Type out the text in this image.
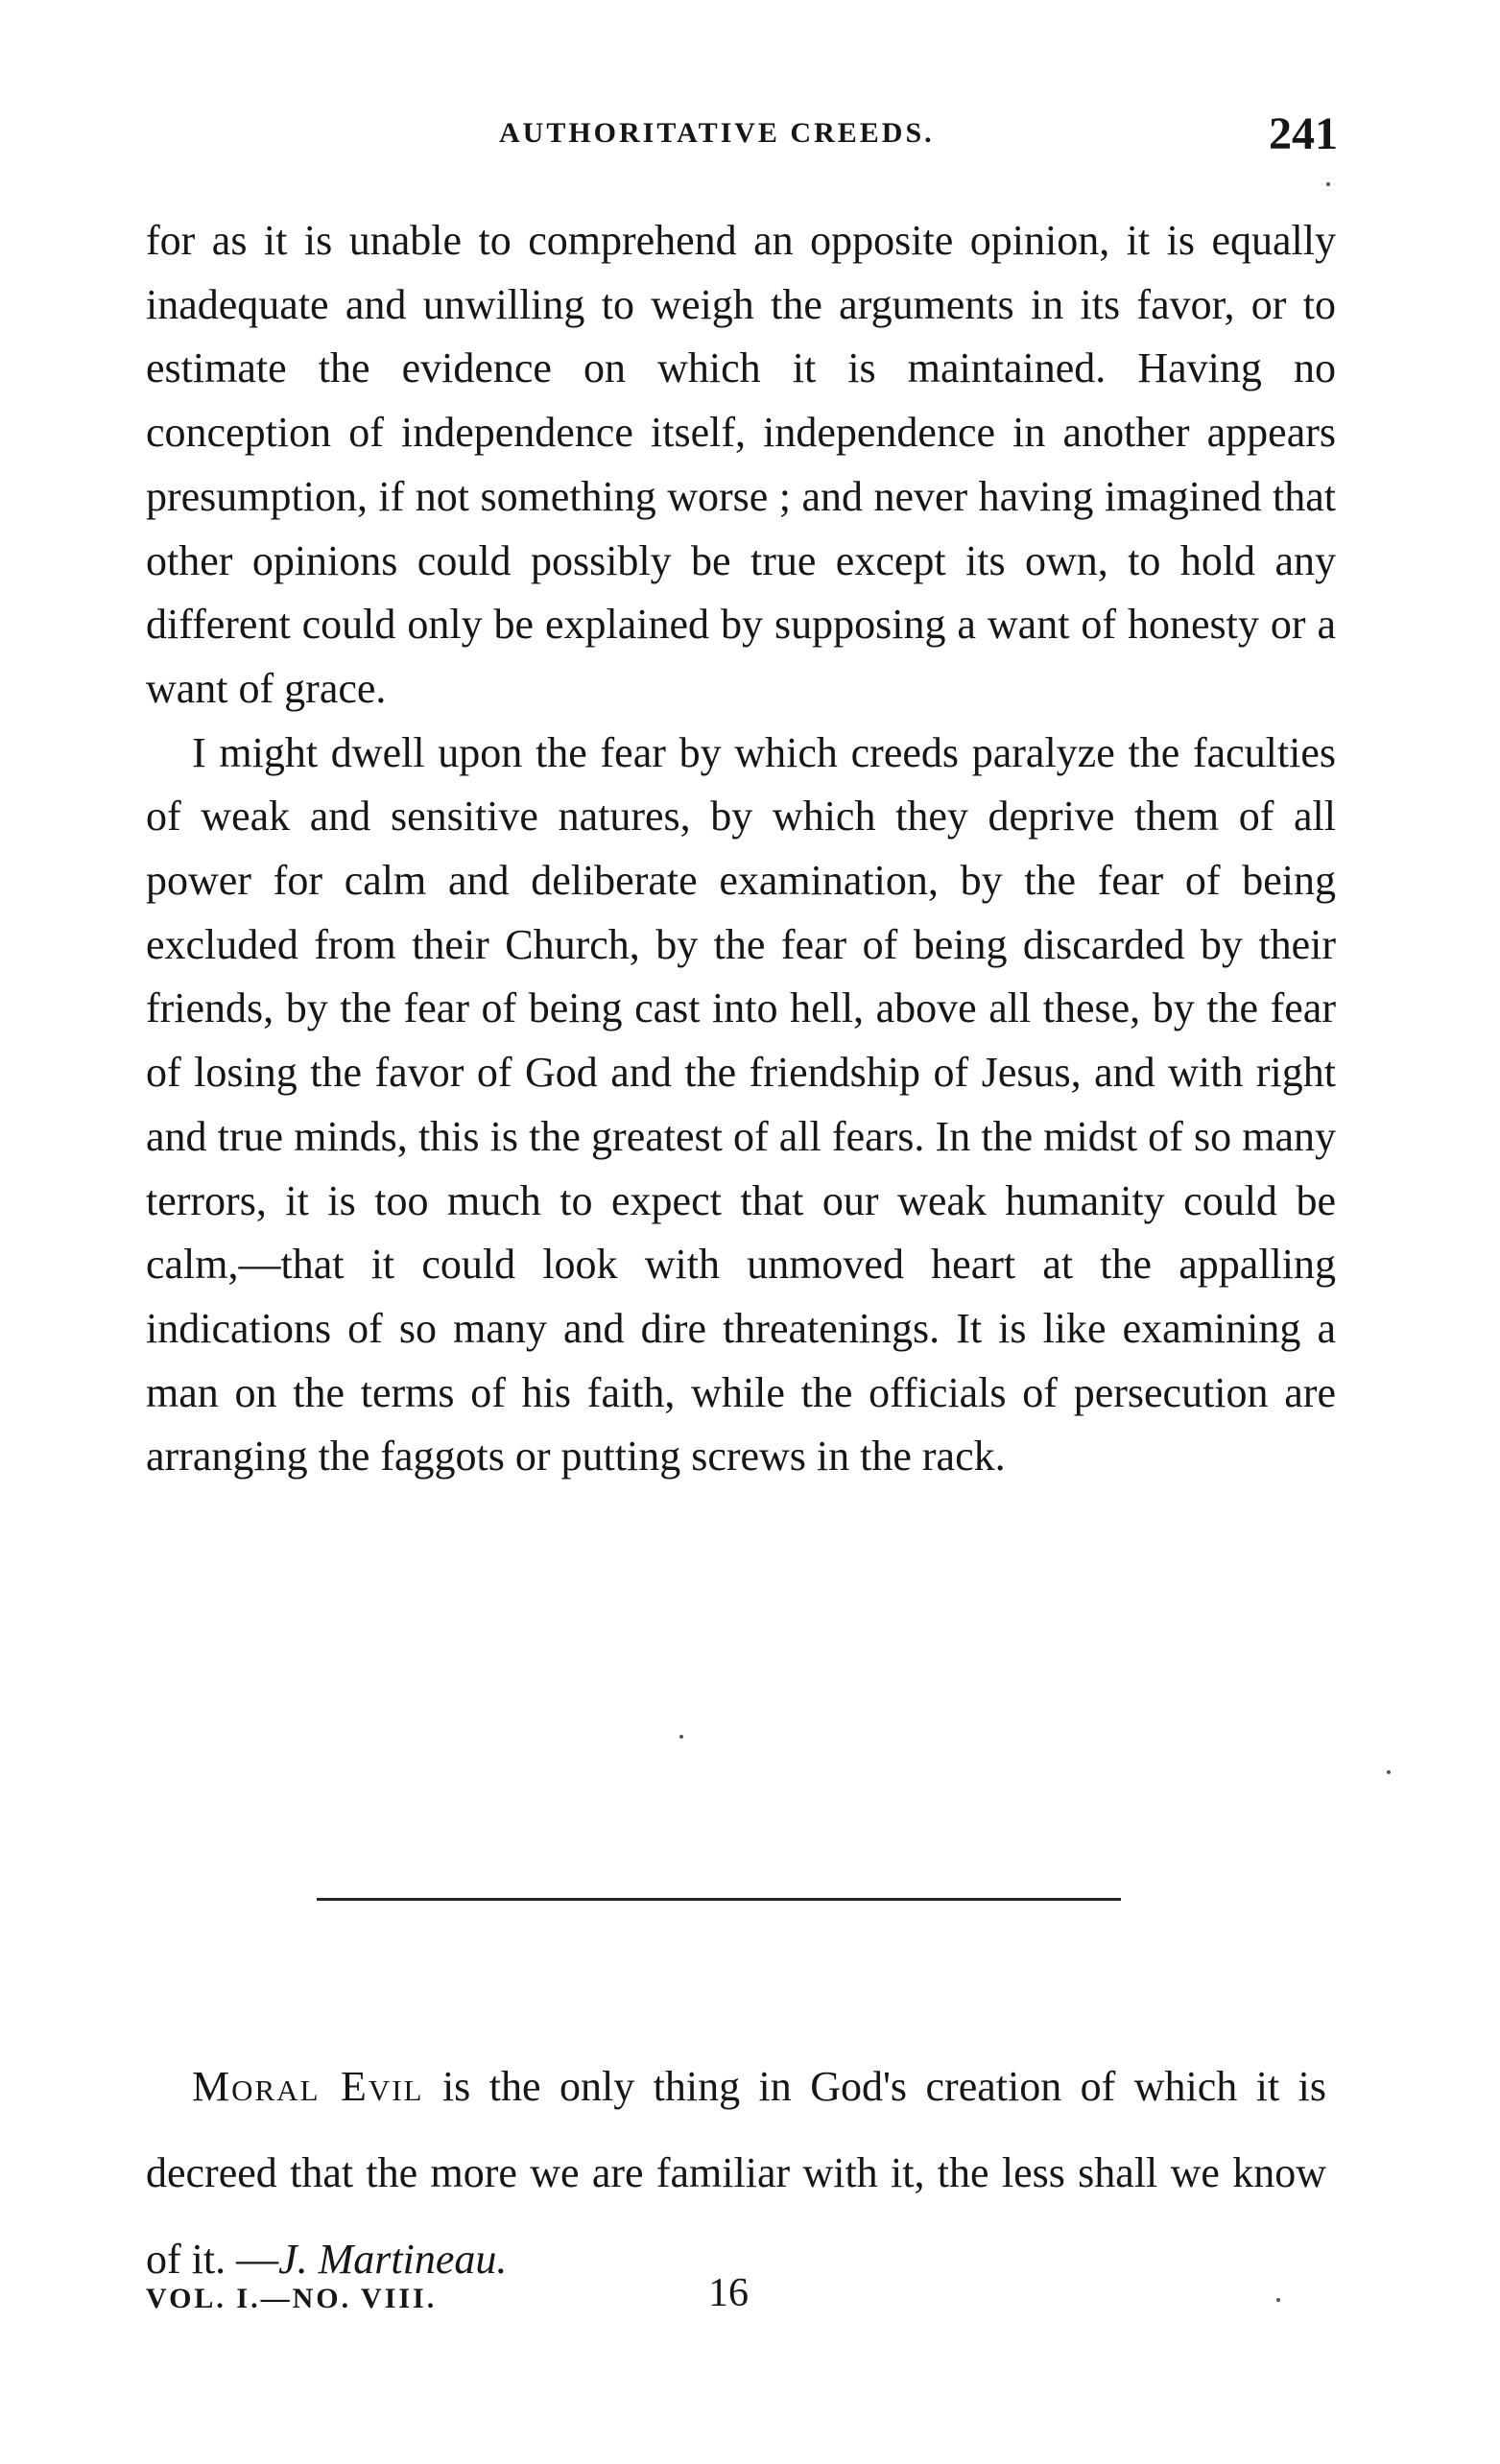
AUTHORITATIVE CREEDS.	241

for as it is unable to comprehend an opposite opinion, it is equally inadequate and unwilling to weigh the arguments in its favor, or to estimate the evidence on which it is maintained. Having no conception of independence itself, independence in another appears presumption, if not something worse ; and never having imagined that other opinions could possibly be true except its own, to hold any different could only be explained by supposing a want of honesty or a want of grace.

I might dwell upon the fear by which creeds paralyze the faculties of weak and sensitive natures, by which they deprive them of all power for calm and deliberate examination, by the fear of being excluded from their Church, by the fear of being discarded by their friends, by the fear of being cast into hell, above all these, by the fear of losing the favor of God and the friendship of Jesus, and with right and true minds, this is the greatest of all fears. In the midst of so many terrors, it is too much to expect that our weak humanity could be calm,—that it could look with unmoved heart at the appalling indications of so many and dire threatenings. It is like examining a man on the terms of his faith, while the officials of persecution are arranging the faggots or putting screws in the rack.

Moral Evil is the only thing in God's creation of which it is decreed that the more we are familiar with it, the less shall we know of it. —J. Martineau.

VOL. I.—NO. VIII.	16
